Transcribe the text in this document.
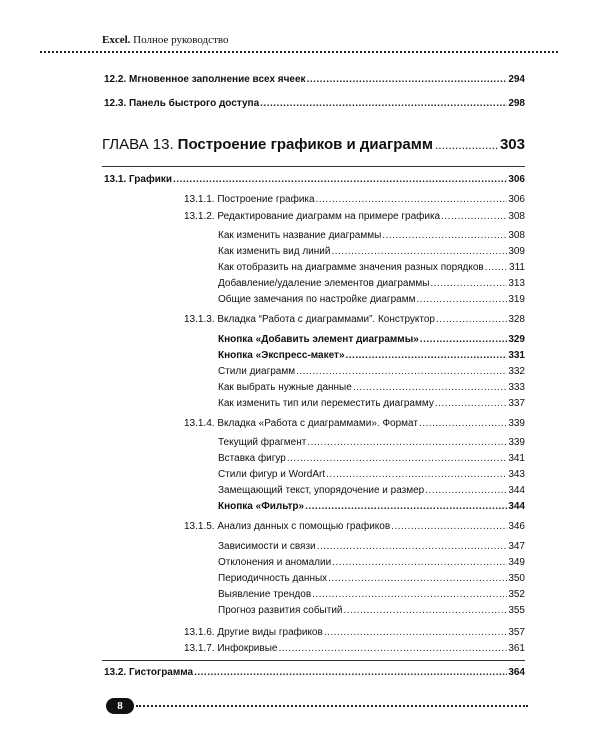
Excel. Полное руководство
12.2. Мгновенное заполнение всех ячеек .....	294
12.3. Панель быстрого доступа .....	298
ГЛАВА 13. Построение графиков и диаграмм .....	303
13.1. Графики .....	306
13.1.1. Построение графика .....	306
13.1.2. Редактирование диаграмм на примере графика .....	308
Как изменить название диаграммы .....	308
Как изменить вид линий .....	309
Как отобразить на диаграмме значения разных порядков .....	311
Добавление/удаление элементов диаграммы .....	313
Общие замечания по настройке диаграмм .....	319
13.1.3. Вкладка “Работа с диаграммами”. Конструктор .....	328
Кнопка «Добавить элемент диаграммы» .....	329
Кнопка «Экспресс-макет» .....	331
Стили диаграмм .....	332
Как выбрать нужные данные .....	333
Как изменить тип или переместить диаграмму .....	337
13.1.4. Вкладка «Работа с диаграммами». Формат .....	339
Текущий фрагмент .....	339
Вставка фигур .....	341
Стили фигур и WordArt .....	343
Замещающий текст, упорядочение и размер .....	344
Кнопка «Фильтр» .....	344
13.1.5. Анализ данных с помощью графиков .....	346
Зависимости и связи .....	347
Отклонения и аномалии .....	349
Периодичность данных .....	350
Выявление трендов .....	352
Прогноз развития событий .....	355
13.1.6. Другие виды графиков .....	357
13.1.7. Инфокривые .....	361
13.2. Гистограмма .....	364
8
